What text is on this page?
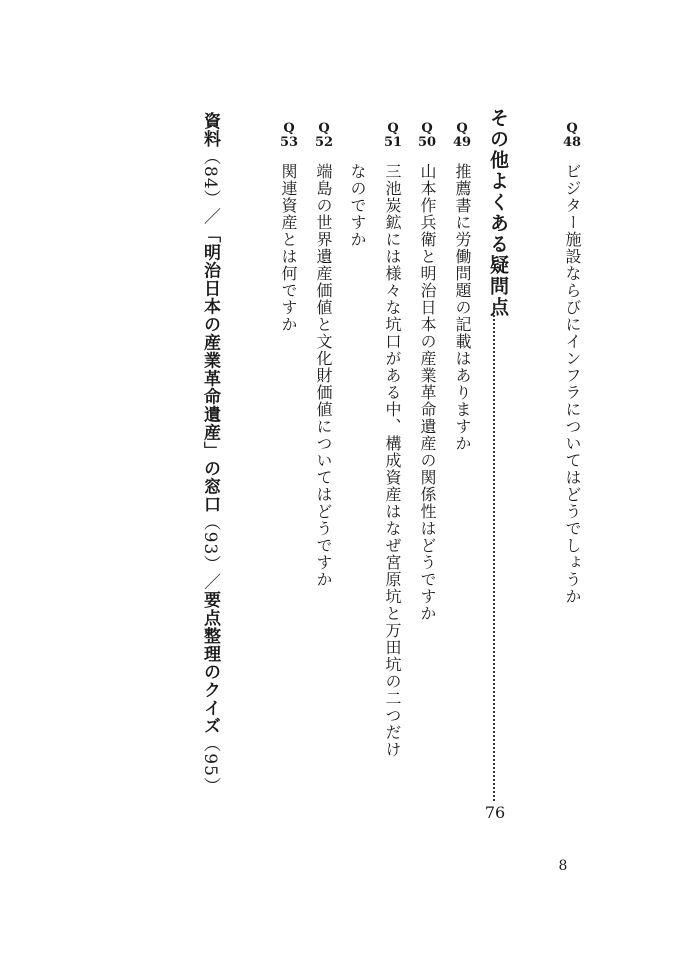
Q
48
ビジター施設ならびにインフラについてはどうでしょうか
その他よくある疑問点
76
Q
49
推薦書に労働問題の記載はありますか
Q
50
山本作兵衛と明治日本の産業革命遺産の関係性はどうですか
Q
51
三池炭鉱には様々な坑口がある中、構成資産はなぜ宮原坑と万田坑の二つだけ
なのですか
Q
52
端島の世界遺産価値と文化財価値についてはどうですか
Q
53
関連資産とは何ですか
資料（84）／「明治日本の産業革命遺産」の窓口（93）／要点整理のクイズ（95）
8
